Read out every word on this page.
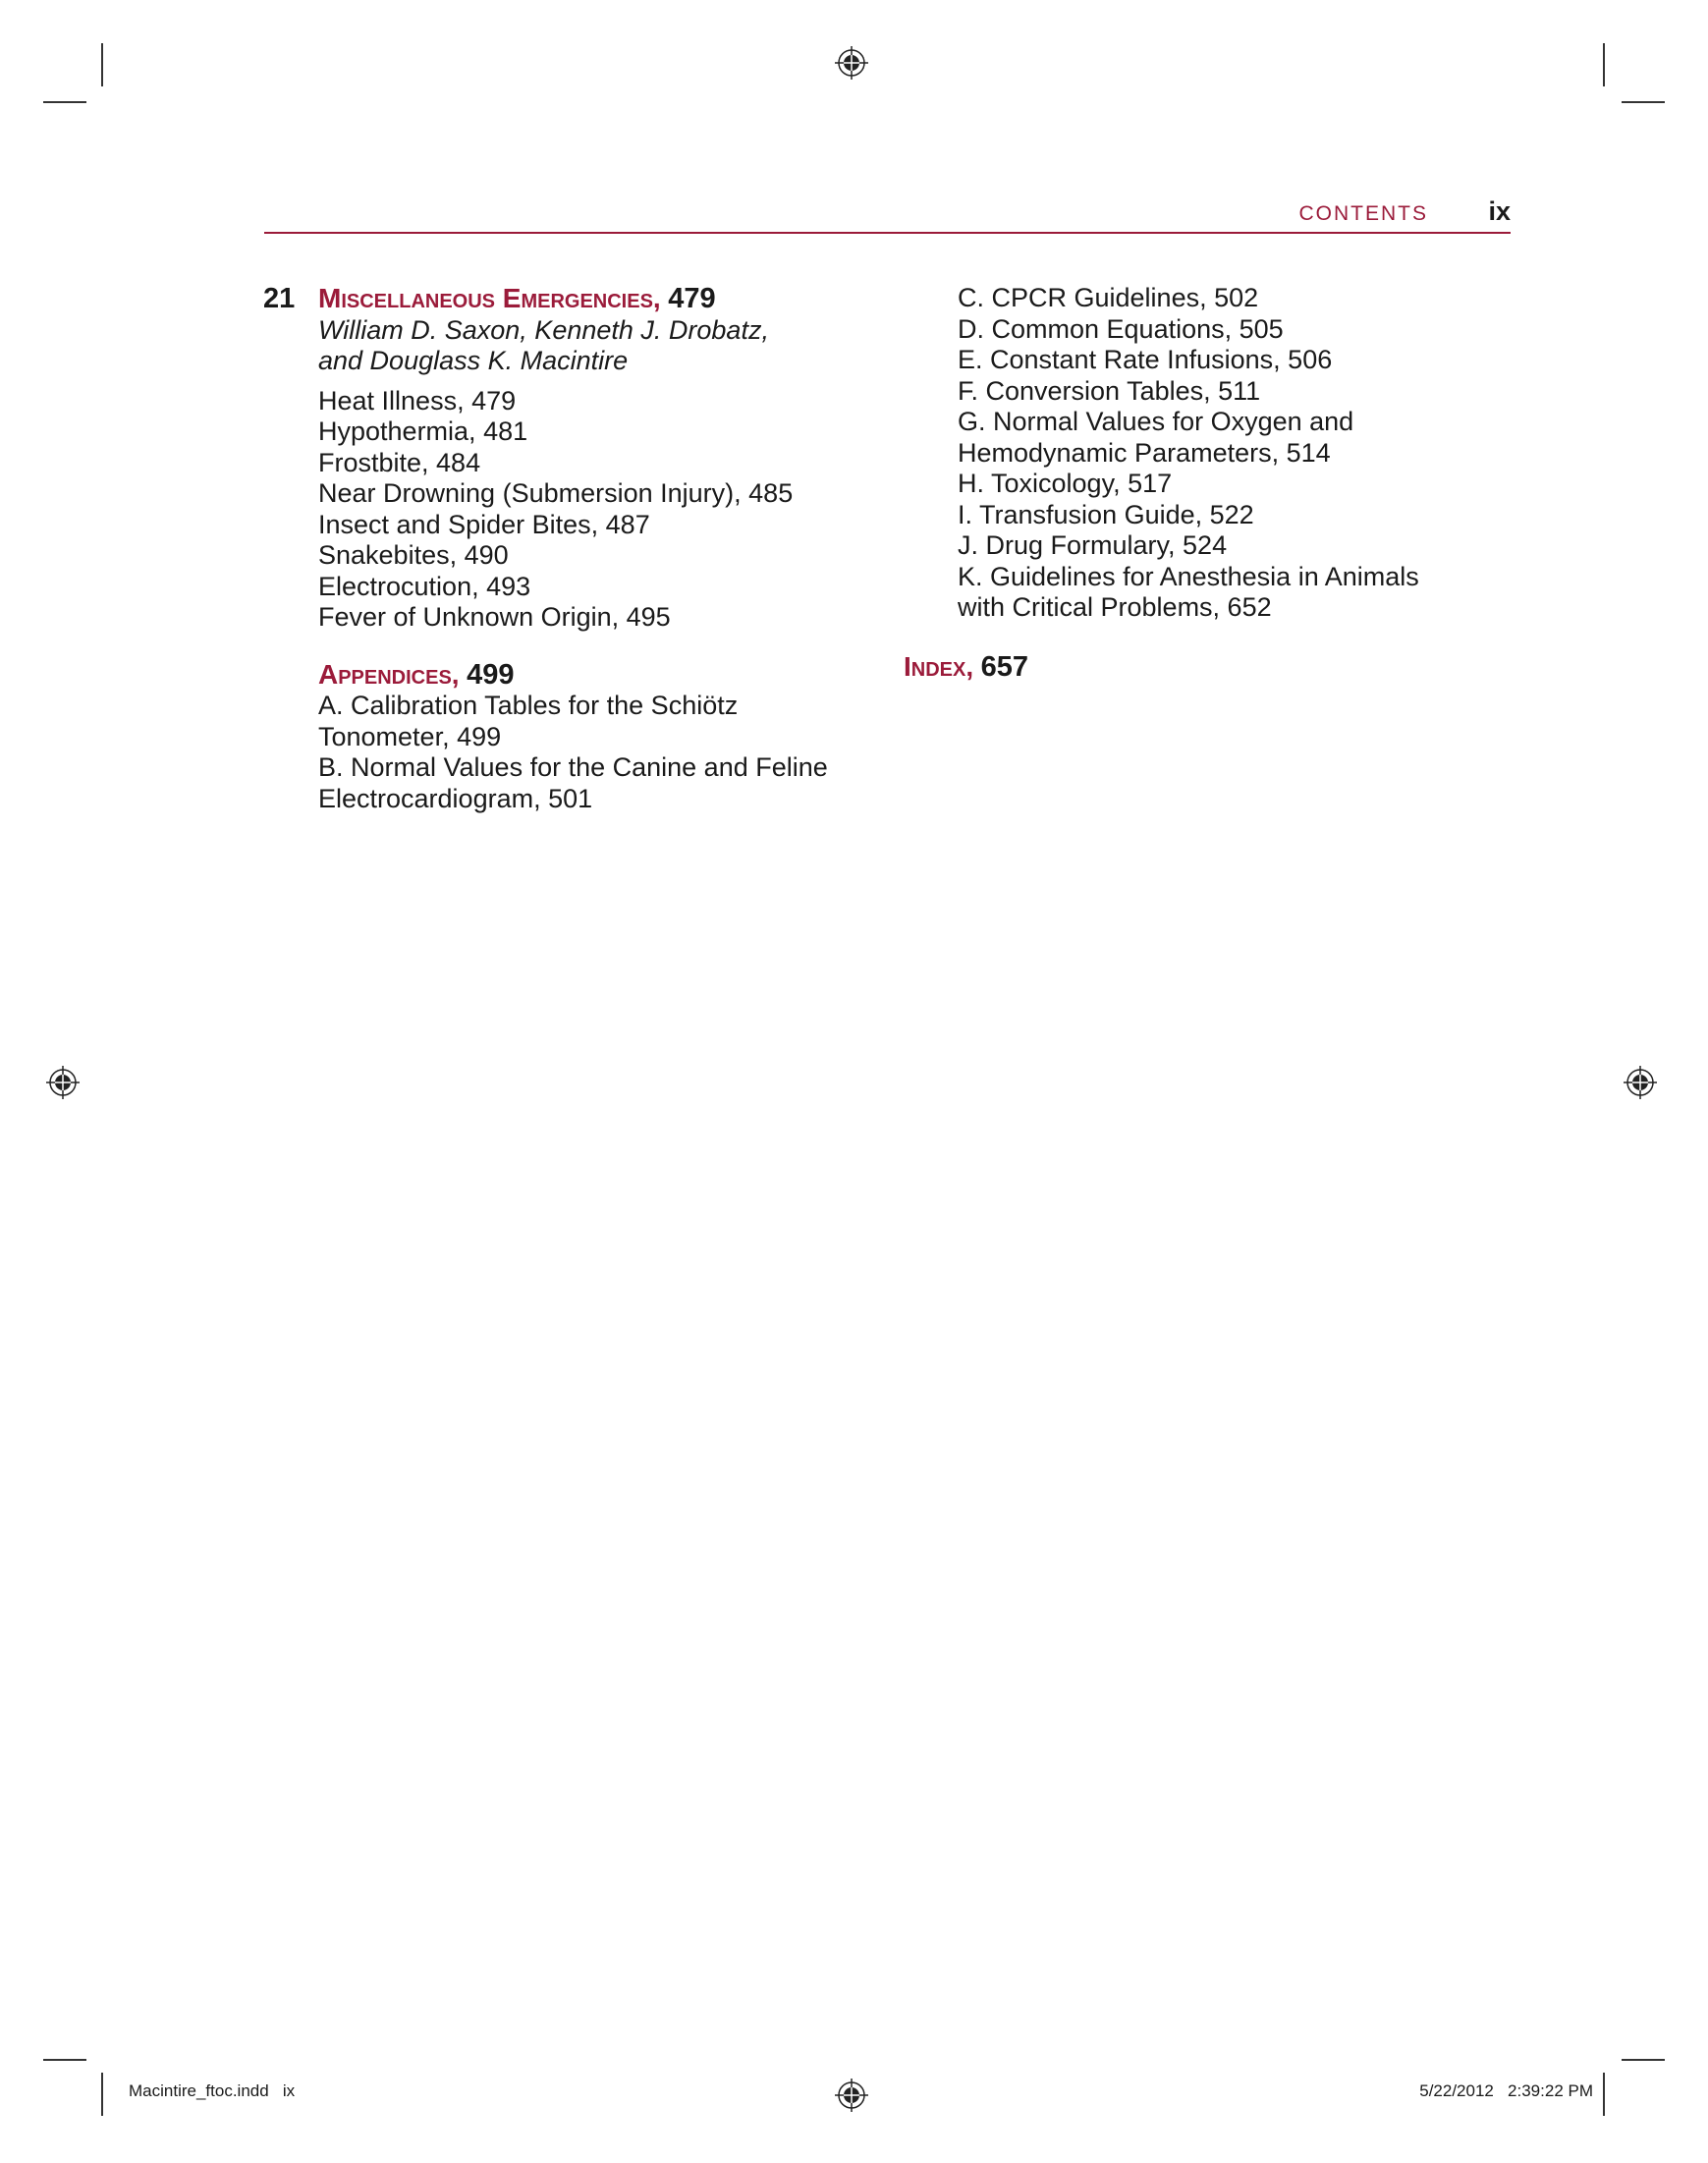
CONTENTS ix
21 Miscellaneous Emergencies, 479

William D. Saxon, Kenneth J. Drobatz,

and Douglass K. Macintire

Heat Illness, 479

Hypothermia, 481

Frostbite, 484

Near Drowning (Submersion Injury), 485

Insect and Spider Bites, 487

Snakebites, 490

Electrocution, 493

Fever of Unknown Origin, 495

Appendices, 499

A. Calibration Tables for the Schiötz

Tonometer, 499

B. Normal Values for the Canine and Feline

Electrocardiogram, 501

C. CPCR Guidelines, 502

D. Common Equations, 505

E. Constant Rate Infusions, 506

F. Conversion Tables, 511

G. Normal Values for Oxygen and

Hemodynamic Parameters, 514

H. Toxicology, 517

I. Transfusion Guide, 522

J. Drug Formulary, 524

K. Guidelines for Anesthesia in Animals

with Critical Problems, 652

Index, 657

Macintire_ftoc.indd   ix	5/22/2012   2:39:22 PM
